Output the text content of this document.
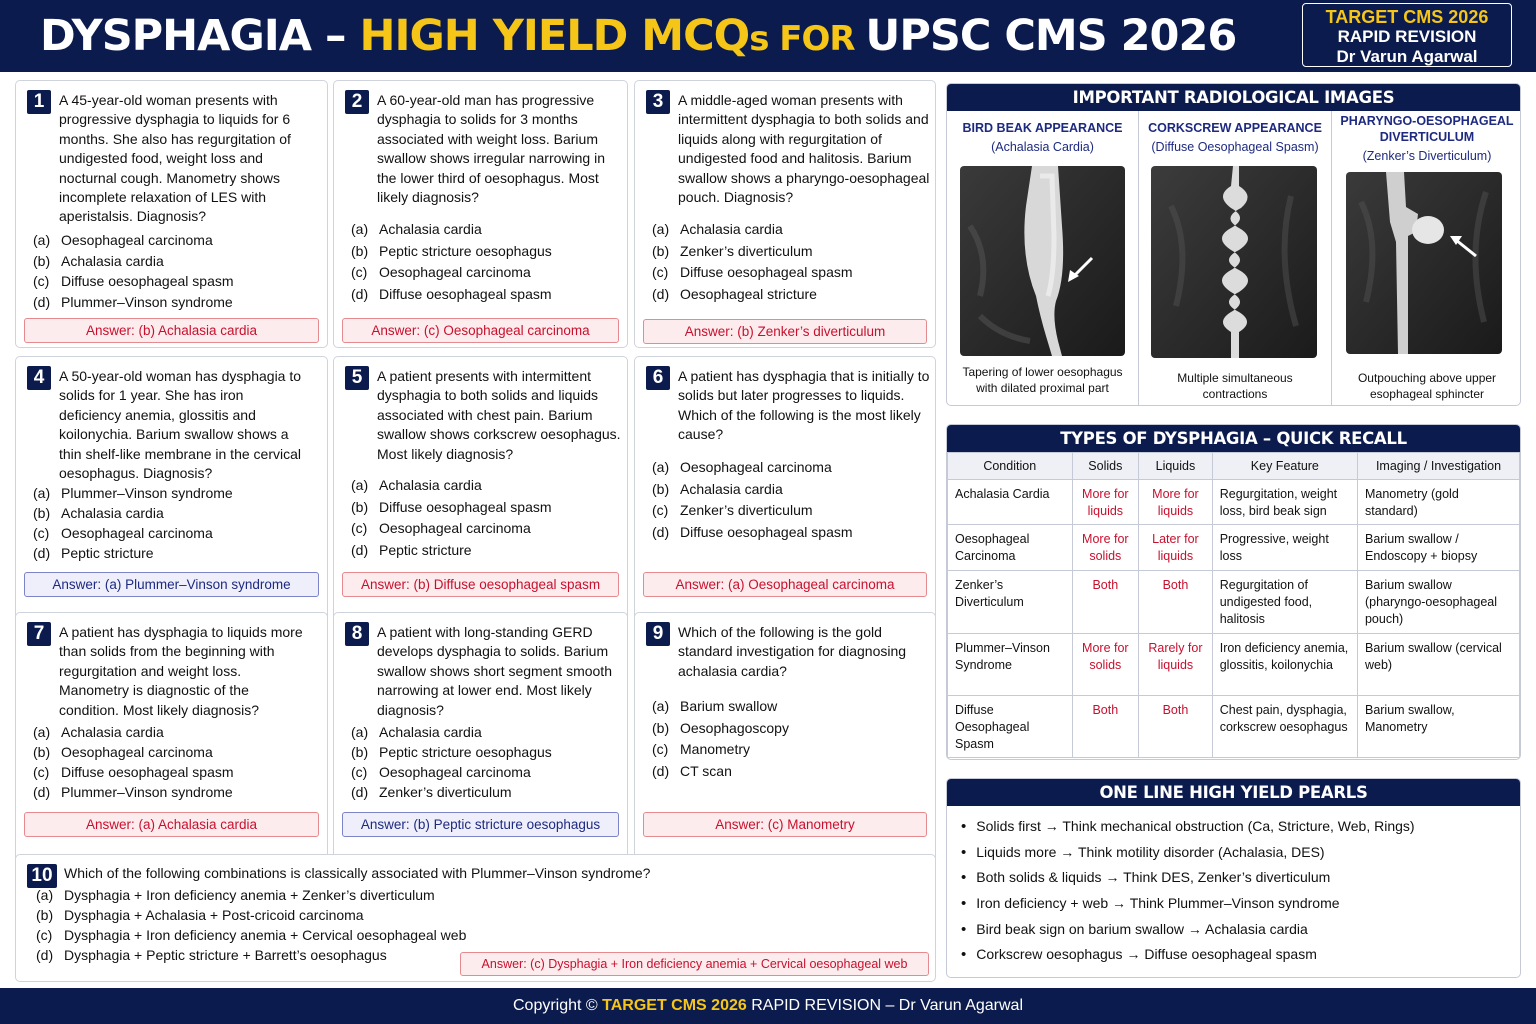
DYSPHAGIA – HIGH YIELD MCQs FOR UPSC CMS 2026	TARGET CMS 2026
RAPID REVISION
Dr Varun Agarwal
1	A 45-year-old woman presents with progressive dysphagia to liquids for 6 months. She also has regurgitation of undigested food, weight loss and nocturnal cough. Manometry shows incomplete relaxation of LES with aperistalsis. Diagnosis?
(a) Oesophageal carcinoma
(b) Achalasia cardia
(c) Diffuse oesophageal spasm
(d) Plummer–Vinson syndrome
Answer: (b) Achalasia cardia
2	A 60-year-old man has progressive dysphagia to solids for 3 months associated with weight loss. Barium swallow shows irregular narrowing in the lower third of oesophagus. Most likely diagnosis?
(a) Achalasia cardia
(b) Peptic stricture oesophagus
(c) Oesophageal carcinoma
(d) Diffuse oesophageal spasm
Answer: (c) Oesophageal carcinoma
3	A middle-aged woman presents with intermittent dysphagia to both solids and liquids along with regurgitation of undigested food and halitosis. Barium swallow shows a pharyngo-oesophageal pouch. Diagnosis?
(a) Achalasia cardia
(b) Zenker’s diverticulum
(c) Diffuse oesophageal spasm
(d) Oesophageal stricture
Answer: (b) Zenker’s diverticulum
4	A 50-year-old woman has dysphagia to solids for 1 year. She has iron deficiency anemia, glossitis and koilonychia. Barium swallow shows a thin shelf-like membrane in the cervical oesophagus. Diagnosis?
(a) Plummer–Vinson syndrome
(b) Achalasia cardia
(c) Oesophageal carcinoma
(d) Peptic stricture
Answer: (a) Plummer–Vinson syndrome
5	A patient presents with intermittent dysphagia to both solids and liquids associated with chest pain. Barium swallow shows corkscrew oesophagus. Most likely diagnosis?
(a) Achalasia cardia
(b) Diffuse oesophageal spasm
(c) Oesophageal carcinoma
(d) Peptic stricture
Answer: (b) Diffuse oesophageal spasm
6	A patient has dysphagia that is initially to solids but later progresses to liquids. Which of the following is the most likely cause?
(a) Oesophageal carcinoma
(b) Achalasia cardia
(c) Zenker’s diverticulum
(d) Diffuse oesophageal spasm
Answer: (a) Oesophageal carcinoma
7	A patient has dysphagia to liquids more than solids from the beginning with regurgitation and weight loss. Manometry is diagnostic of the condition. Most likely diagnosis?
(a) Achalasia cardia
(b) Oesophageal carcinoma
(c) Diffuse oesophageal spasm
(d) Plummer–Vinson syndrome
Answer: (a) Achalasia cardia
8	A patient with long-standing GERD develops dysphagia to solids. Barium swallow shows short segment smooth narrowing at lower end. Most likely diagnosis?
(a) Achalasia cardia
(b) Peptic stricture oesophagus
(c) Oesophageal carcinoma
(d) Zenker’s diverticulum
Answer: (b) Peptic stricture oesophagus
9	Which of the following is the gold standard investigation for diagnosing achalasia cardia?
(a) Barium swallow
(b) Oesophagoscopy
(c) Manometry
(d) CT scan
Answer: (c) Manometry
10 Which of the following combinations is classically associated with Plummer–Vinson syndrome?
(a) Dysphagia + Iron deficiency anemia + Zenker’s diverticulum
(b) Dysphagia + Achalasia + Post-cricoid carcinoma
(c) Dysphagia + Iron deficiency anemia + Cervical oesophageal web
(d) Dysphagia + Peptic stricture + Barrett’s oesophagus
Answer: (c) Dysphagia + Iron deficiency anemia + Cervical oesophageal web
IMPORTANT RADIOLOGICAL IMAGES
BIRD BEAK APPEARANCE
(Achalasia Cardia)
Tapering of lower oesophagus
with dilated proximal part
CORKSCREW APPEARANCE
(Diffuse Oesophageal Spasm)
Multiple simultaneous
contractions
PHARYNGO-OESOPHAGEAL
DIVERTICULUM
(Zenker’s Diverticulum)
Outpouching above upper
esophageal sphincter
TYPES OF DYSPHAGIA – QUICK RECALL
Condition	Solids	Liquids	Key Feature	Imaging / Investigation
Achalasia Cardia	More for liquids	More for liquids	Regurgitation, weight loss, bird beak sign	Manometry (gold standard)
Oesophageal Carcinoma	More for solids	Later for liquids	Progressive, weight loss	Barium swallow / Endoscopy + biopsy
Zenker’s Diverticulum	Both	Both	Regurgitation of undigested food, halitosis	Barium swallow (pharyngo-oesophageal pouch)
Plummer–Vinson Syndrome	More for solids	Rarely for liquids	Iron deficiency anemia, glossitis, koilonychia	Barium swallow (cervical web)
Diffuse Oesophageal Spasm	Both	Both	Chest pain, dysphagia, corkscrew oesophagus	Barium swallow, Manometry
ONE LINE HIGH YIELD PEARLS
• Solids first → Think mechanical obstruction (Ca, Stricture, Web, Rings)
• Liquids more → Think motility disorder (Achalasia, DES)
• Both solids & liquids → Think DES, Zenker’s diverticulum
• Iron deficiency + web → Think Plummer–Vinson syndrome
• Bird beak sign on barium swallow → Achalasia cardia
• Corkscrew oesophagus → Diffuse oesophageal spasm
Copyright © TARGET CMS 2026 RAPID REVISION – Dr Varun Agarwal
